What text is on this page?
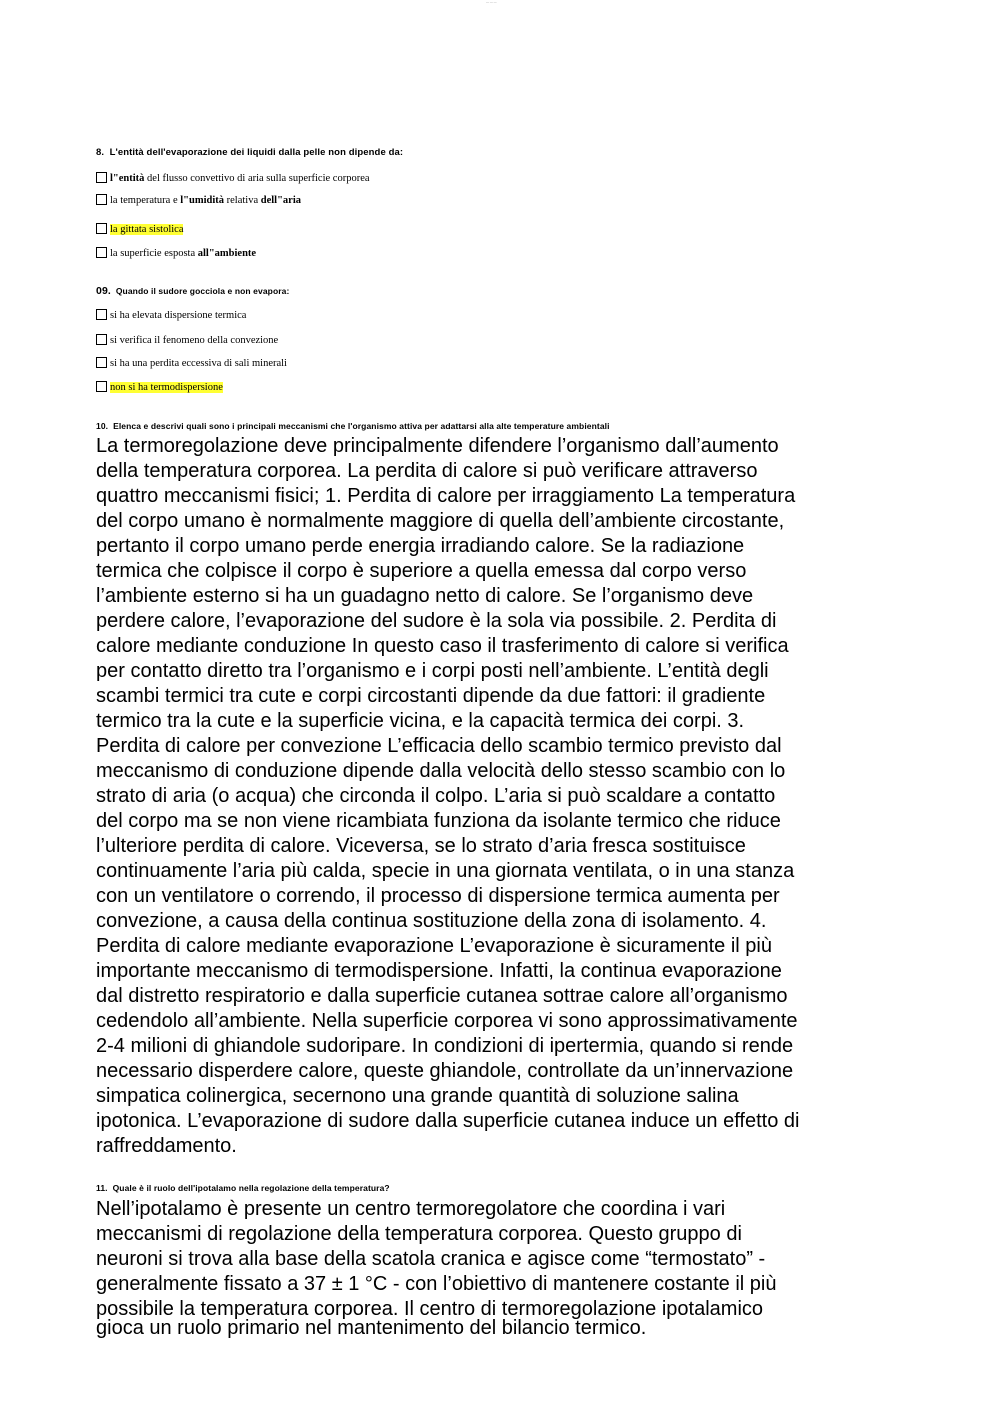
— — —
8. L'entità dell'evaporazione dei liquidi dalla pelle non dipende da:
l"entità del flusso convettivo di aria sulla superficie corporea
la temperatura e l"umidità relativa dell"aria
la gittata sistolica
la superficie esposta all"ambiente
09. Quando il sudore gocciola e non evapora:
si ha elevata dispersione termica
si verifica il fenomeno della convezione
si ha una perdita eccessiva di sali minerali
non si ha termodispersione
10. Elenca e descrivi quali sono i principali meccanismi che l'organismo attiva per adattarsi alla alte temperature ambientali

La termoregolazione deve principalmente difendere l’organismo dall’aumento
della temperatura corporea. La perdita di calore si può verificare attraverso
quattro meccanismi fisici; 1. Perdita di calore per irraggiamento La temperatura
del corpo umano è normalmente maggiore di quella dell’ambiente circostante,
pertanto il corpo umano perde energia irradiando calore. Se la radiazione
termica che colpisce il corpo è superiore a quella emessa dal corpo verso
l’ambiente esterno si ha un guadagno netto di calore. Se l’organismo deve
perdere calore, l’evaporazione del sudore è la sola via possibile. 2. Perdita di
calore mediante conduzione In questo caso il trasferimento di calore si verifica
per contatto diretto tra l’organismo e i corpi posti nell’ambiente. L’entità degli
scambi termici tra cute e corpi circostanti dipende da due fattori: il gradiente
termico tra la cute e la superficie vicina, e la capacità termica dei corpi. 3.
Perdita di calore per convezione L’efficacia dello scambio termico previsto dal
meccanismo di conduzione dipende dalla velocità dello stesso scambio con lo
strato di aria (o acqua) che circonda il colpo. L’aria si può scaldare a contatto
del corpo ma se non viene ricambiata funziona da isolante termico che riduce
l’ulteriore perdita di calore. Viceversa, se lo strato d’aria fresca sostituisce
continuamente l’aria più calda, specie in una giornata ventilata, o in una stanza
con un ventilatore o correndo, il processo di dispersione termica aumenta per
convezione, a causa della continua sostituzione della zona di isolamento. 4.
Perdita di calore mediante evaporazione L’evaporazione è sicuramente il più
importante meccanismo di termodispersione. Infatti, la continua evaporazione
dal distretto respiratorio e dalla superficie cutanea sottrae calore all’organismo
cedendolo all’ambiente. Nella superficie corporea vi sono approssimativamente
2-4 milioni di ghiandole sudoripare. In condizioni di ipertermia, quando si rende
necessario disperdere calore, queste ghiandole, controllate da un’innervazione
simpatica colinergica, secernono una grande quantità di soluzione salina
ipotonica. L’evaporazione di sudore dalla superficie cutanea induce un effetto di
raffreddamento.

11. Quale è il ruolo dell'ipotalamo nella regolazione della temperatura?

Nell’ipotalamo è presente un centro termoregolatore che coordina i vari
meccanismi di regolazione della temperatura corporea. Questo gruppo di
neuroni si trova alla base della scatola cranica e agisce come “termostato” -
generalmente fissato a 37 ± 1 °C - con l’obiettivo di mantenere costante il più
possibile la temperatura corporea. Il centro di termoregolazione ipotalamico

gioca un ruolo primario nel mantenimento del bilancio termico.
